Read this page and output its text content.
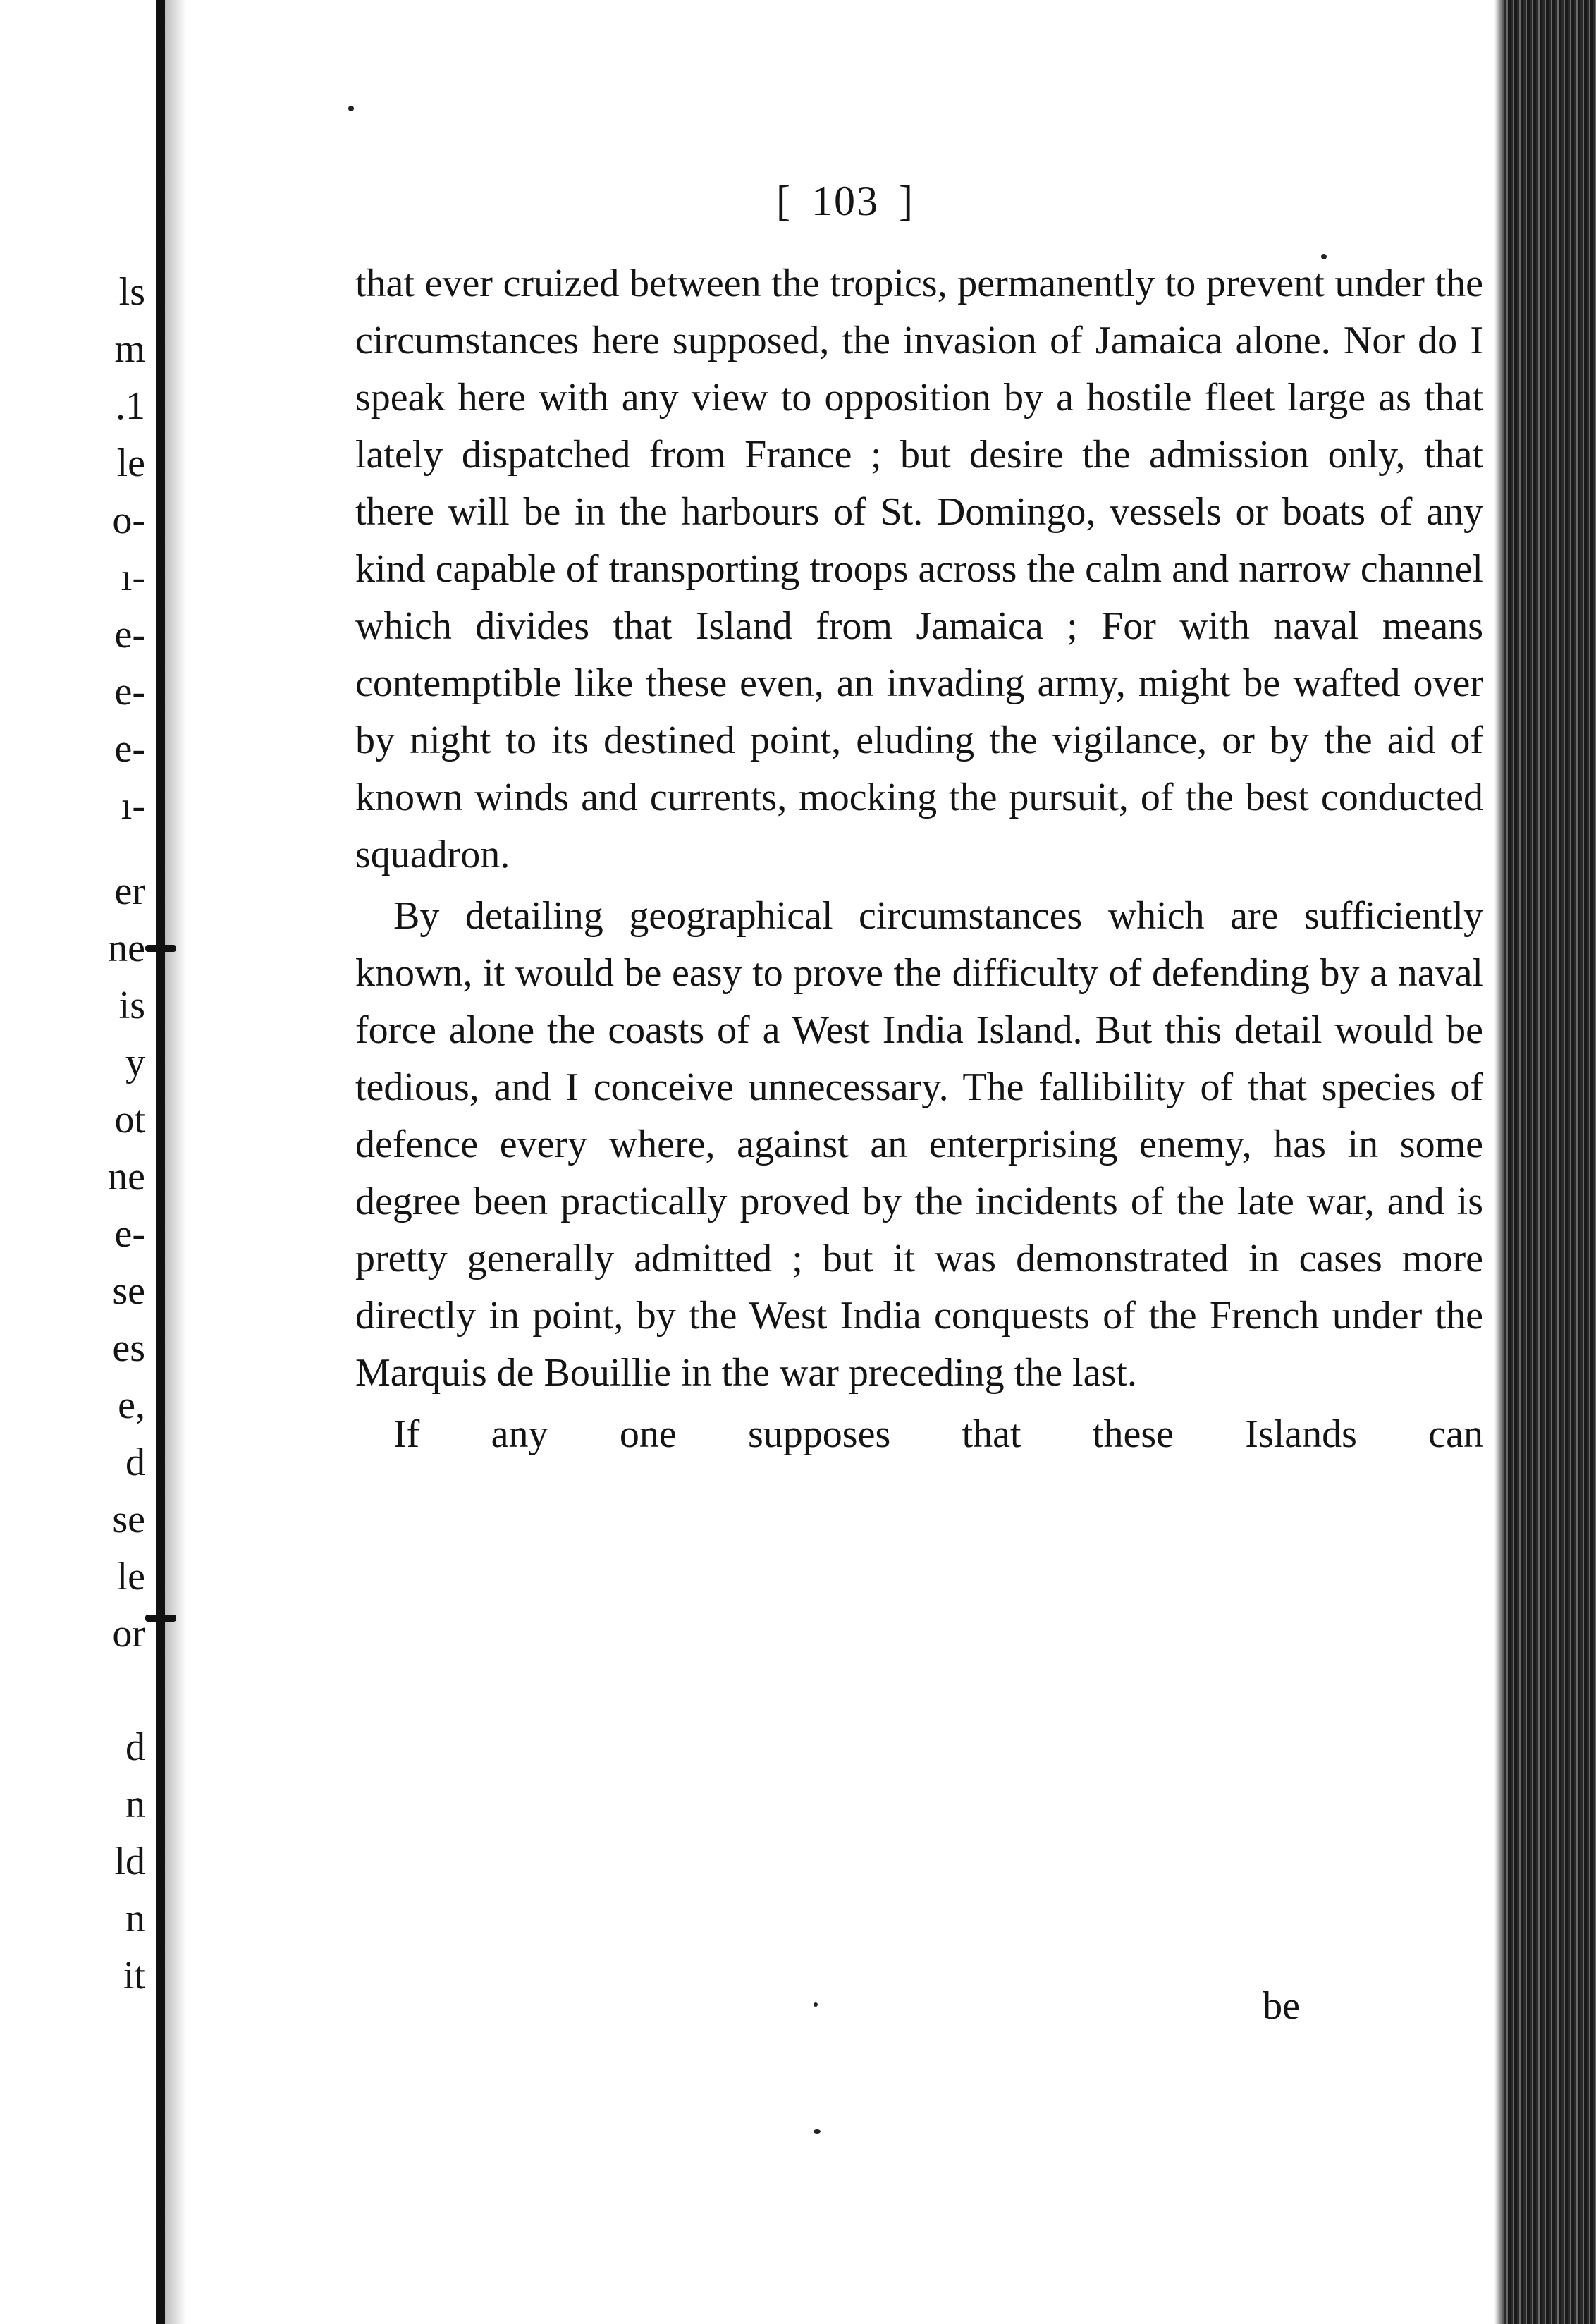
ls
m
.1
le
o-
ı-
e-
e-
e-
ı-
er
ne
is
y
ot
ne
e-
se
es
e,
d
se
le
or
d
n
ld
n
it
[ 103 ]

that ever cruized between the tropics, permanently to prevent under the circumstances here supposed, the invasion of Jamaica alone. Nor do I speak here with any view to opposition by a hostile fleet large as that lately dispatched from France ; but desire the admission only, that there will be in the harbours of St. Domingo, vessels or boats of any kind capable of transporting troops across the calm and narrow channel which divides that Island from Jamaica ; For with naval means contemptible like these even, an invading army, might be wafted over by night to its destined point, eluding the vigilance, or by the aid of known winds and currents, mocking the pursuit, of the best conducted squadron.

By detailing geographical circumstances which are sufficiently known, it would be easy to prove the difficulty of defending by a naval force alone the coasts of a West India Island. But this detail would be tedious, and I conceive unnecessary. The fallibility of that species of defence every where, against an enterprising enemy, has in some degree been practically proved by the incidents of the late war, and is pretty generally admitted ; but it was demonstrated in cases more directly in point, by the West India conquests of the French under the Marquis de Bouillie in the war preceding the last.

If any one supposes that these Islands can

be
